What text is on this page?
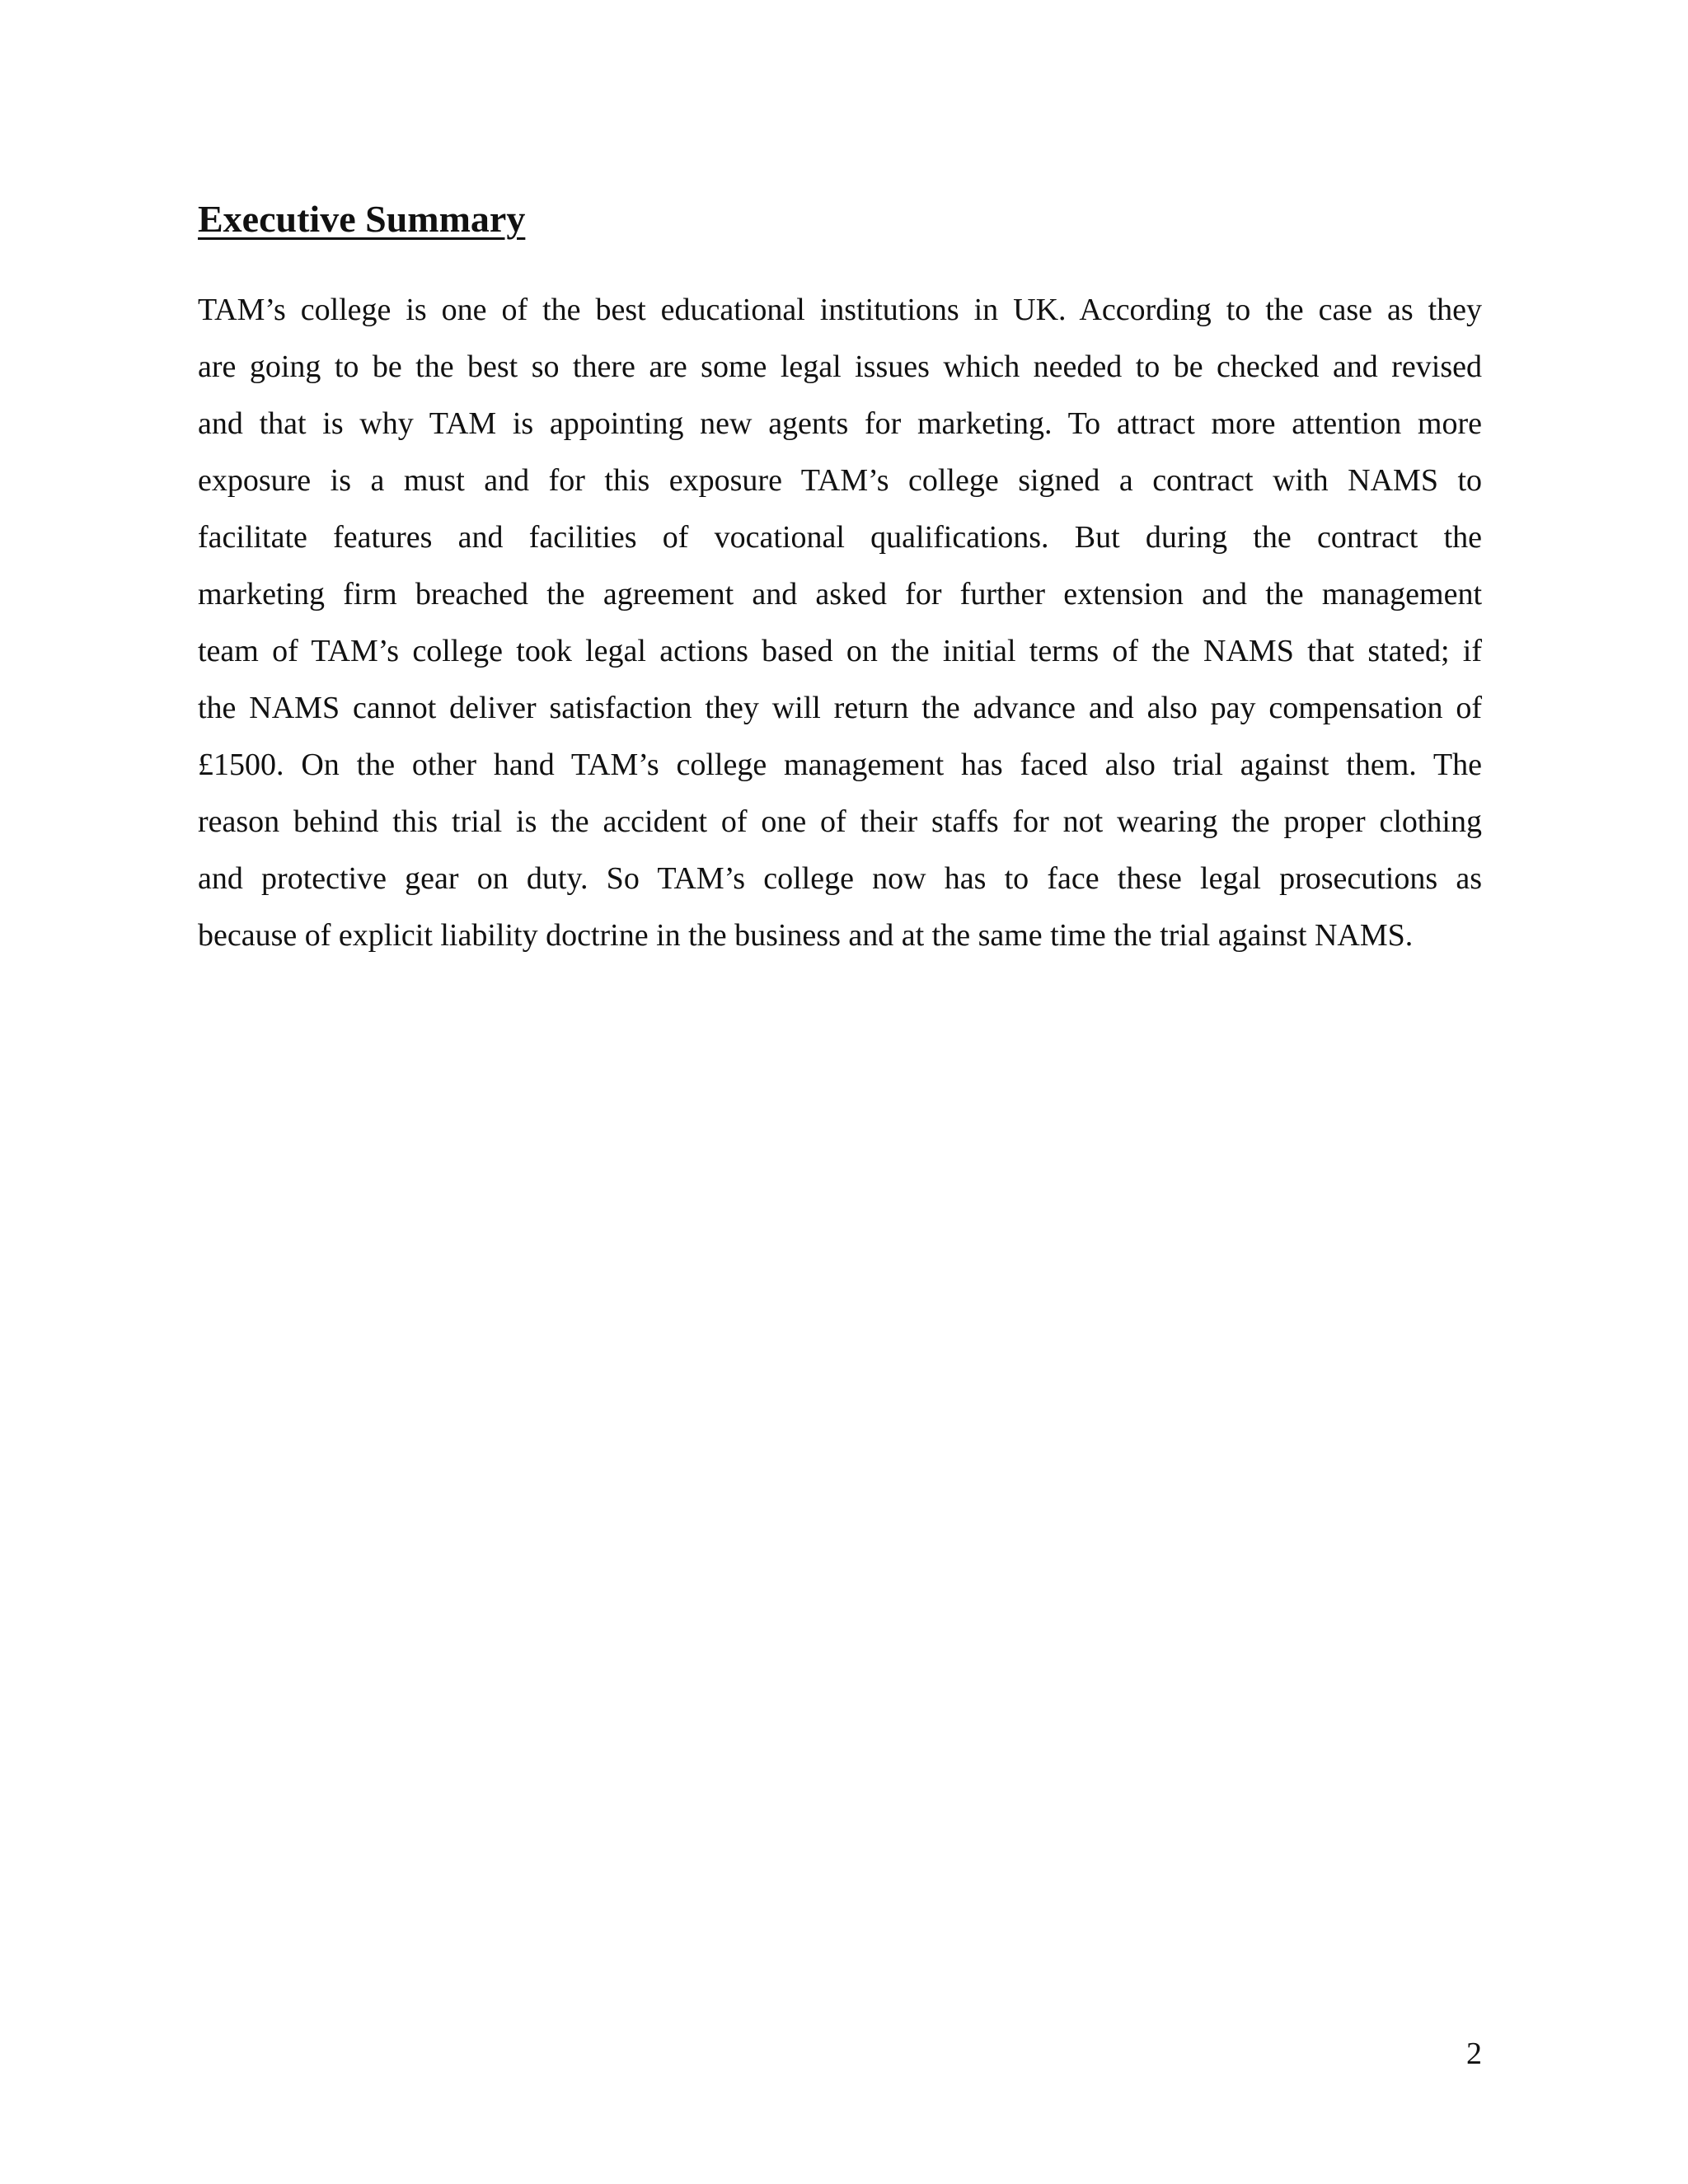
Executive Summary
TAM’s college is one of the best educational institutions in UK. According to the case as they
are going to be the best so there are some legal issues which needed to be checked and revised
and that is why TAM is appointing new agents for marketing. To attract more attention more
exposure is a must and for this exposure TAM’s college signed a contract with NAMS to
facilitate features and facilities of vocational qualifications. But during the contract the
marketing firm breached the agreement and asked for further extension and the management
team of TAM’s college took legal actions based on the initial terms of the NAMS that stated; if
the NAMS cannot deliver satisfaction they will return the advance and also pay compensation of
£1500. On the other hand TAM’s college management has faced also trial against them. The
reason behind this trial is the accident of one of their staffs for not wearing the proper clothing
and protective gear on duty. So TAM’s college now has to face these legal prosecutions as
because of explicit liability doctrine in the business and at the same time the trial against NAMS.
2
